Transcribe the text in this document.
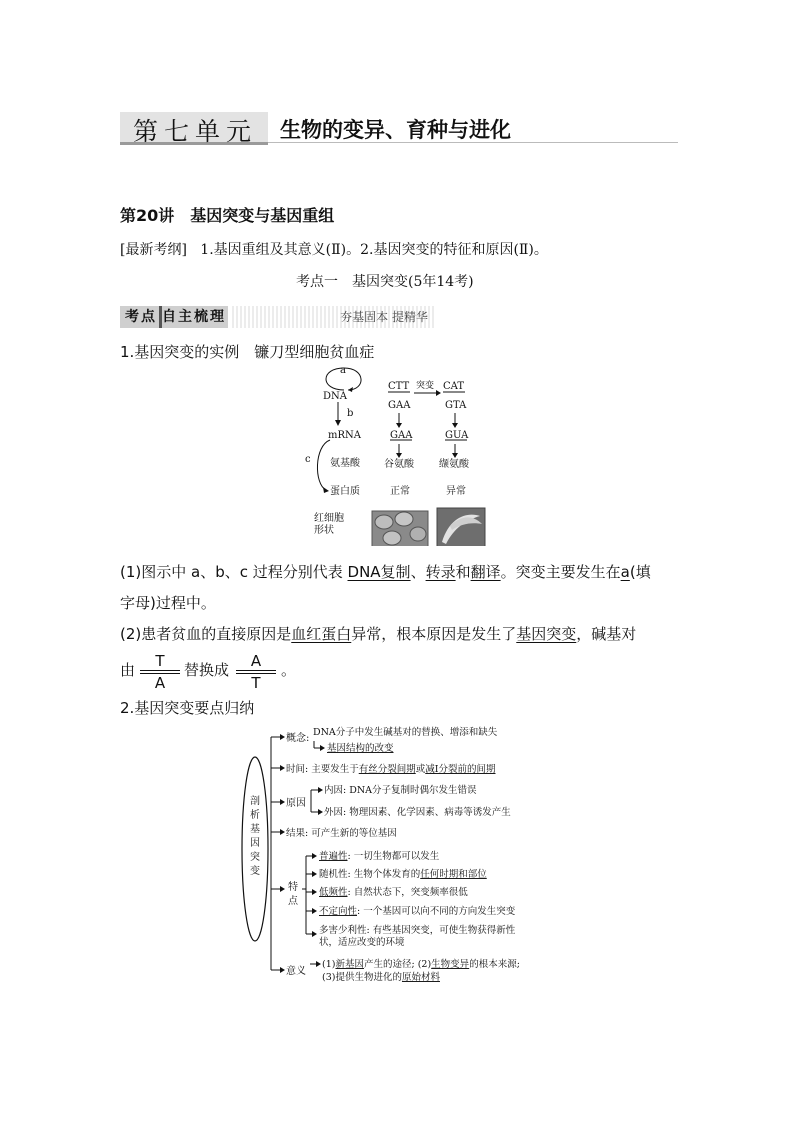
第七单元 生物的变异、育种与进化
第20讲　基因突变与基因重组
[最新考纲] 1.基因重组及其意义(Ⅱ)。2.基因突变的特征和原因(Ⅱ)。
考点一　基因突变(5年14考)
考点 自主梳理	夯基固本 提精华
1.基因突变的实例　镰刀型细胞贫血症
a
DNA
b
mRNA
c 氨基酸
蛋白质
红细胞
形状
CTT
GAA
GAA
谷氨酸
正常
突变 CAT
GTA
GUA
缬氨酸
异常
(1)图示中 a、b、c 过程分别代表 DNA复制、转录和翻译。突变主要发生在a(填
字母)过程中。
(2)患者贫血的直接原因是血红蛋白异常，根本原因是发生了基因突变，碱基对
由	T
A
替换成	A
T
。
2.基因突变要点归纳
剖
析
基
因
突
变
概念:
DNA分子中发生碱基对的替换、增添和缺失
基因结构的改变
时间: 主要发生于有丝分裂间期或减Ⅰ分裂前的间期
原因
内因: DNA分子复制时偶尔发生错误
外因: 物理因素、化学因素、病毒等诱发产生
结果: 可产生新的等位基因
特
点
普遍性: 一切生物都可以发生
随机性: 生物个体发育的任何时期和部位
低频性: 自然状态下，突变频率很低
不定向性: 一个基因可以向不同的方向发生突变
多害少利性: 有些基因突变，可使生物获得新性
状，适应改变的环境
意义
(1)新基因产生的途径; (2)生物变异的根本来源;
(3)提供生物进化的原始材料
